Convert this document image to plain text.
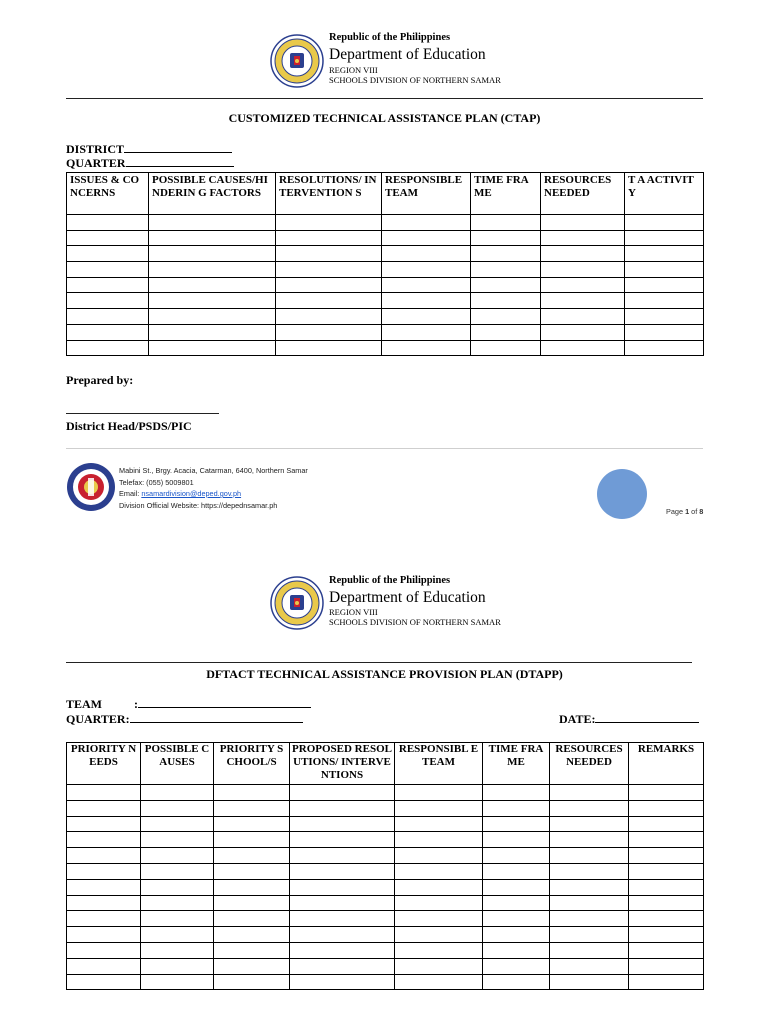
Republic of the Philippines
Department of Education
REGION VIII
SCHOOLS DIVISION OF NORTHERN SAMAR
CUSTOMIZED TECHNICAL ASSISTANCE PLAN (CTAP)
DISTRICT
QUARTER
ISSUES & CONCERNS	POSSIBLE CAUSES/HINDERIN G FACTORS	RESOLUTIONS/ INTERVENTION S	RESPONSIBLE TEAM	TIME FRAME	RESOURCES NEEDED	T A ACTIVITY

Prepared by:
District Head/PSDS/PIC
Mabini St., Brgy. Acacia, Catarman, 6400, Northern Samar
Telefax: (055) 5009801
Email: nsamardivision@deped.gov.ph
Division Official Website: https://depednsamar.ph
Page 1 of 8
Republic of the Philippines
Department of Education
REGION VIII
SCHOOLS DIVISION OF NORTHERN SAMAR
DFTACT TECHNICAL ASSISTANCE PROVISION PLAN (DTAPP)
TEAM	:
QUARTER:	DATE:
PRIORITY NEEDS	POSSIBLE CAUSES	PRIORITY SCHOOL/S	PROPOSED RESOLUTIONS/ INTERVENTIONS	RESPONSIBL E TEAM	TIME FRAME	RESOURCES NEEDED	REMARKS
